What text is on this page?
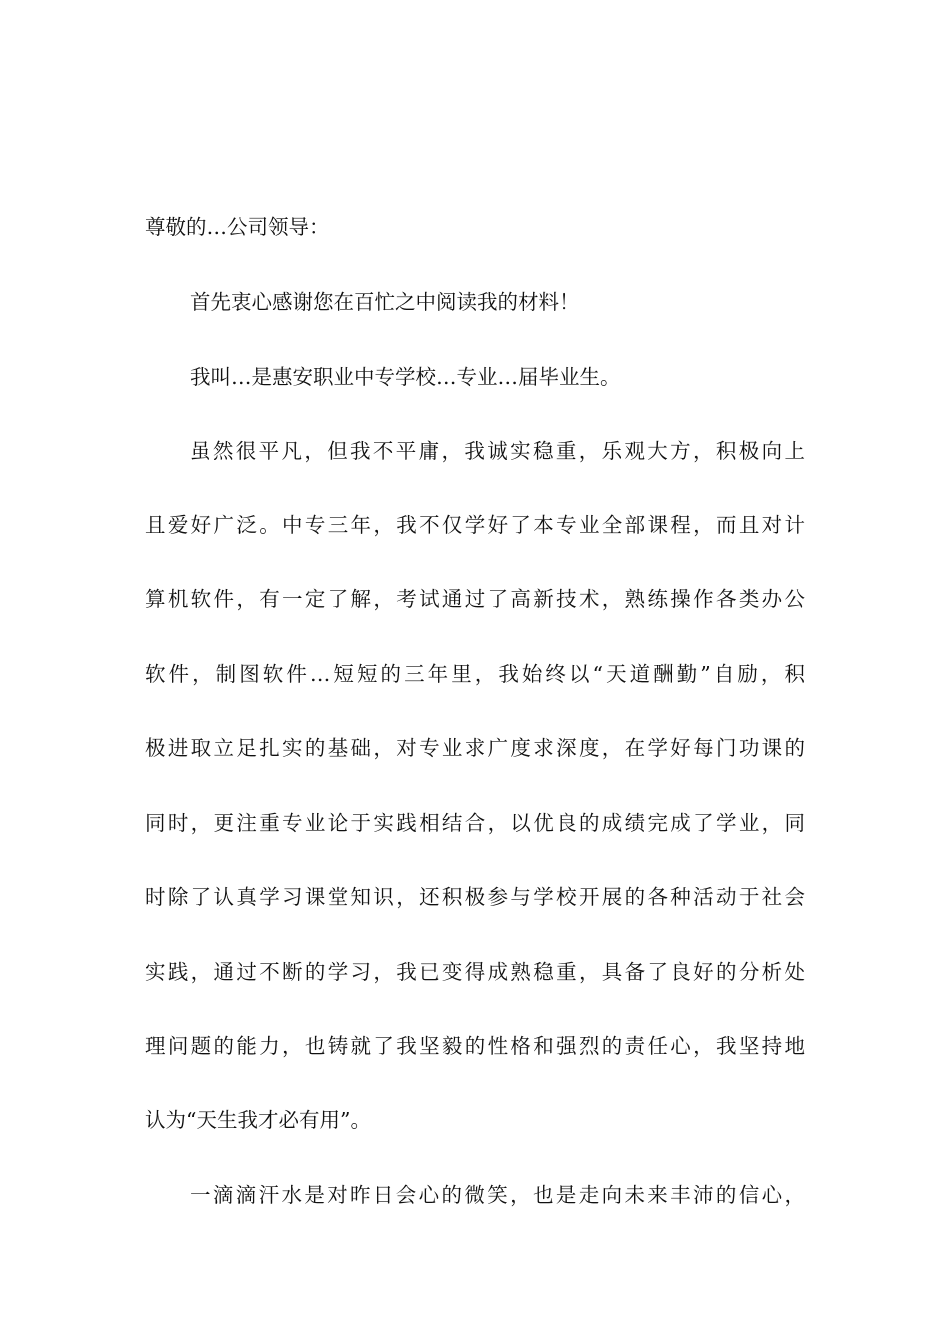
尊敬的…公司领导：
首先衷心感谢您在百忙之中阅读我的材料！
我叫…是惠安职业中专学校…专业…届毕业生。
虽然很平凡，但我不平庸，我诚实稳重，乐观大方，积极向上
且爱好广泛。中专三年，我不仅学好了本专业全部课程，而且对计
算机软件，有一定了解，考试通过了高新技术，熟练操作各类办公
软件，制图软件…短短的三年里，我始终以“天道酬勤”自励，积
极进取立足扎实的基础，对专业求广度求深度，在学好每门功课的
同时，更注重专业论于实践相结合，以优良的成绩完成了学业，同
时除了认真学习课堂知识，还积极参与学校开展的各种活动于社会
实践，通过不断的学习，我已变得成熟稳重，具备了良好的分析处
理问题的能力，也铸就了我坚毅的性格和强烈的责任心，我坚持地
认为“天生我才必有用”。
一滴滴汗水是对昨日会心的微笑，也是走向未来丰沛的信心，
